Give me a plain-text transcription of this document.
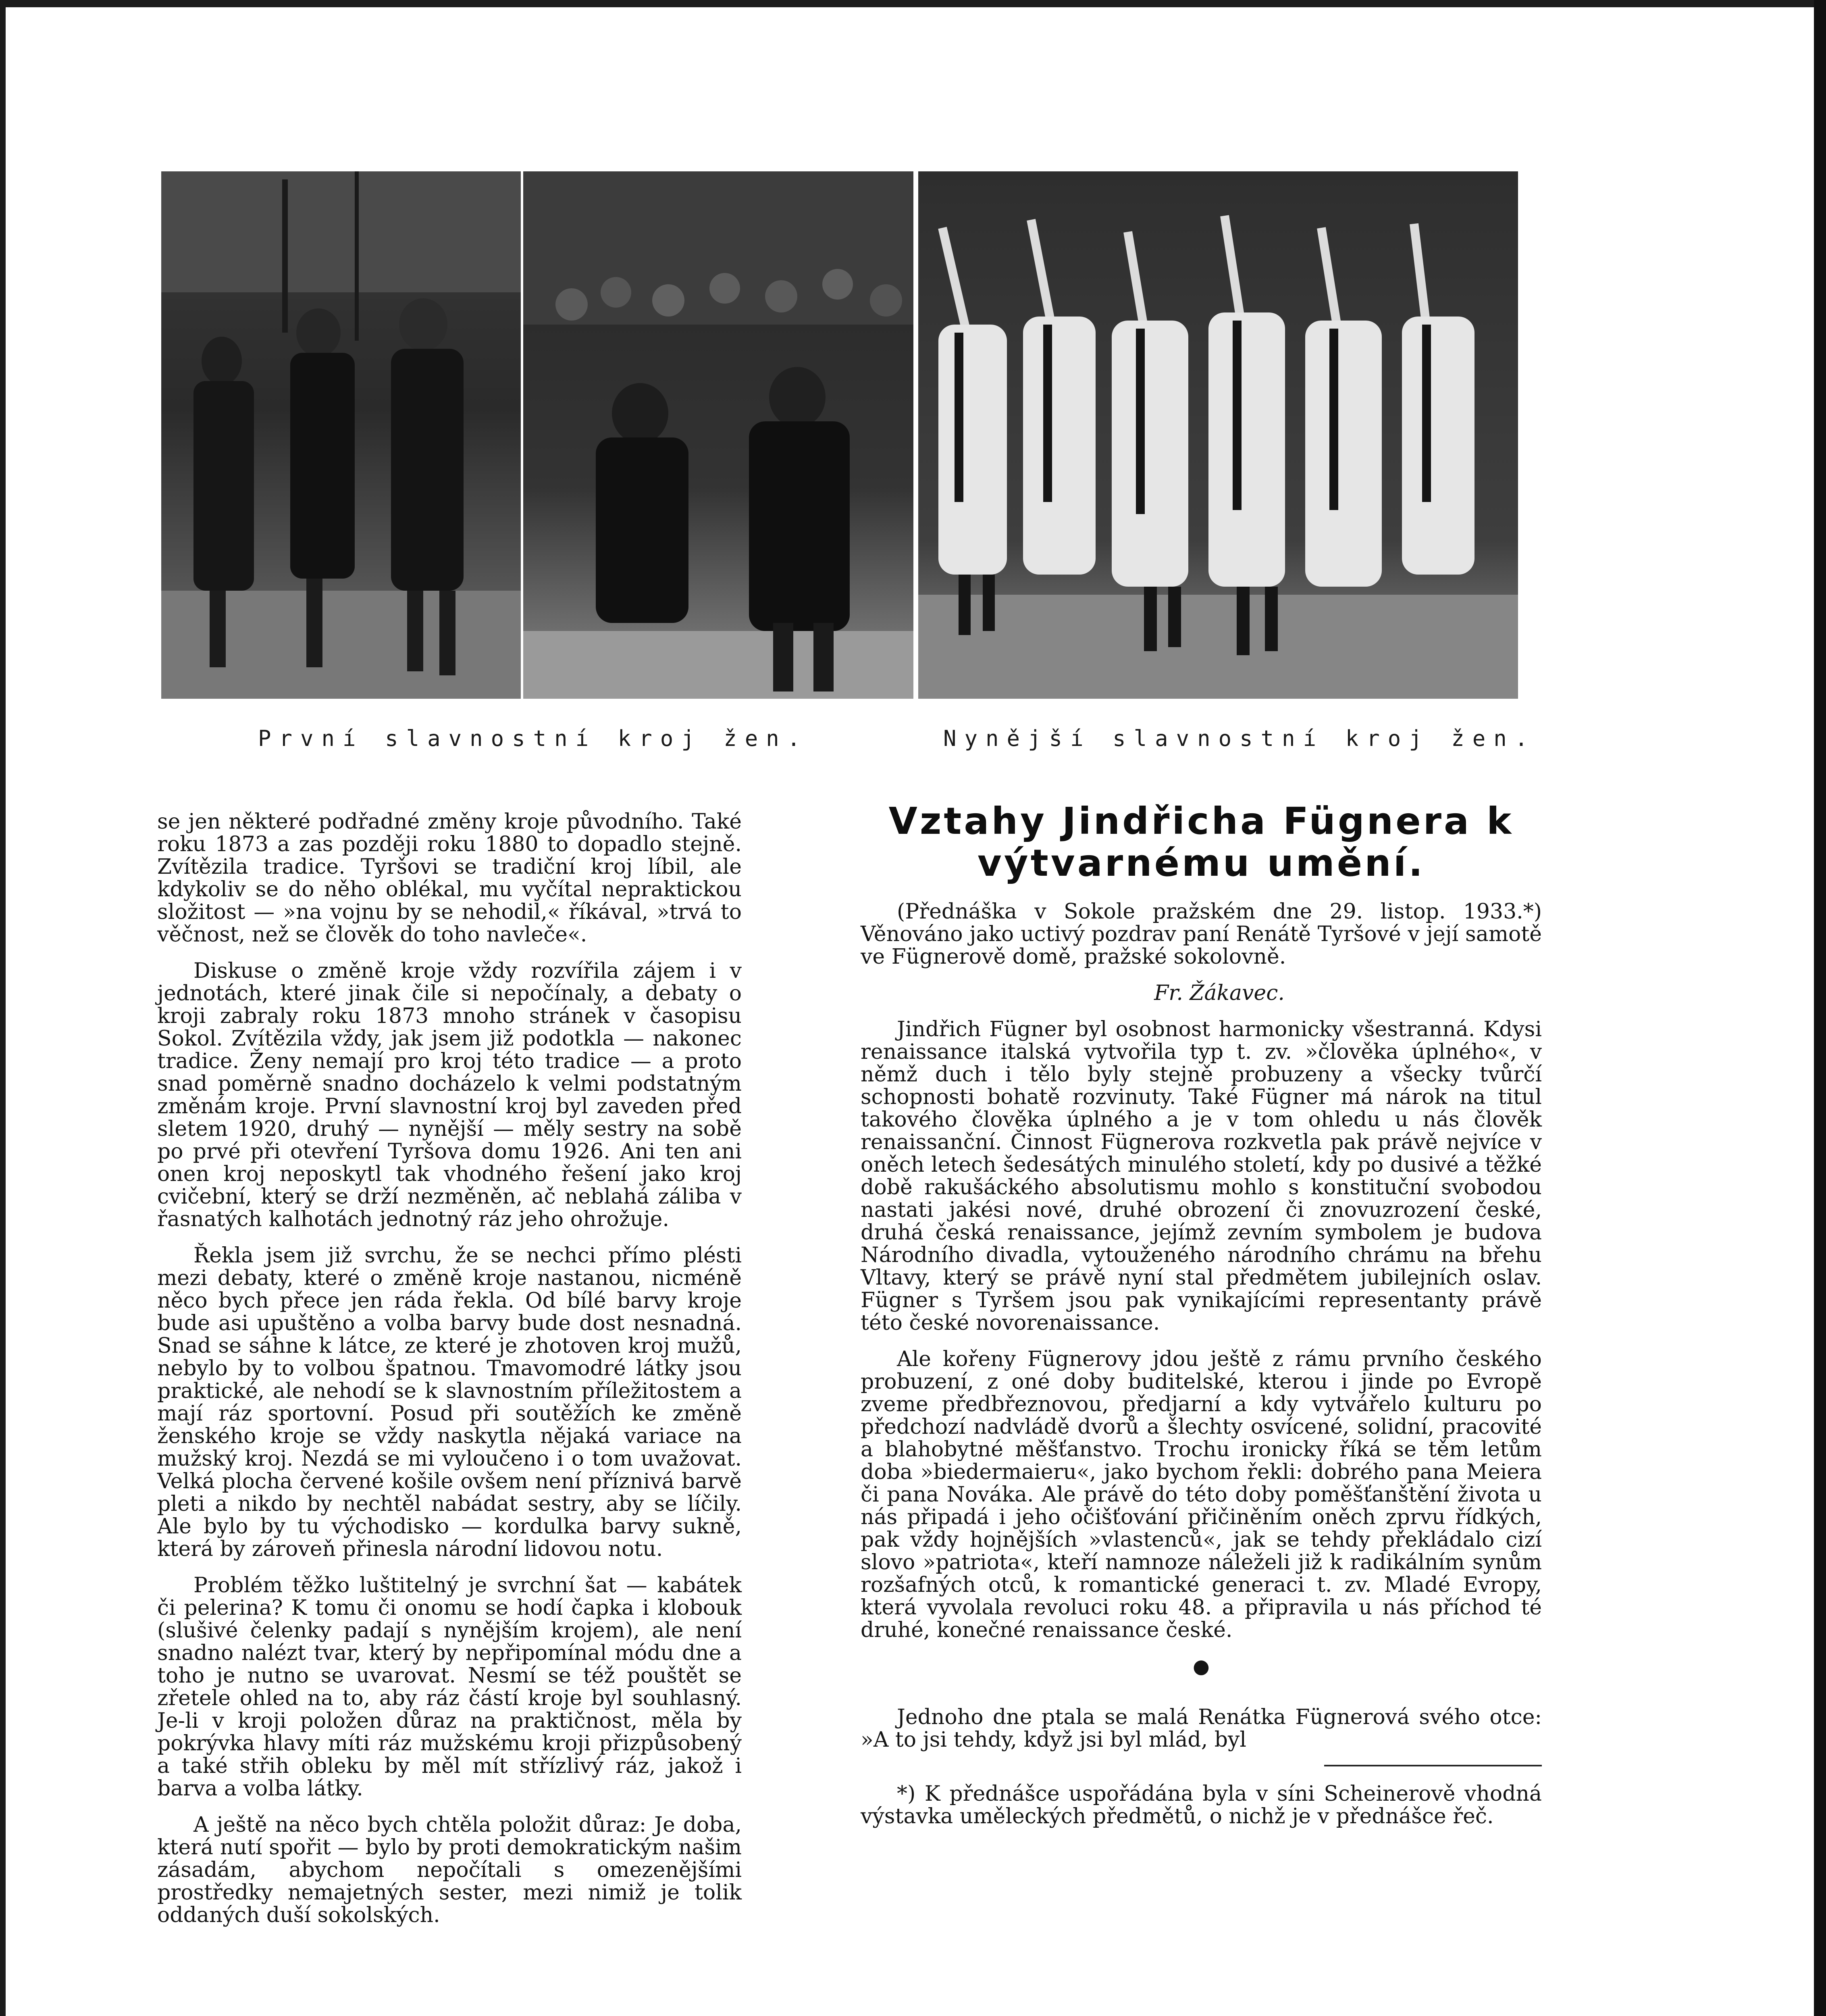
První slavnostní kroj žen.	Nynější slavnostní kroj žen.

se jen některé podřadné změny kroje původního. Také roku 1873 a zas později roku 1880 to dopadlo stejně. Zvítězila tradice. Tyršovi se tradiční kroj líbil, ale kdykoliv se do něho oblékal, mu vyčítal nepraktickou složitost — »na vojnu by se nehodil,« říkával, »trvá to věčnost, než se člověk do toho navleče«.

Diskuse o změně kroje vždy rozvířila zájem i v jednotách, které jinak čile si nepočínaly, a debaty o kroji zabraly roku 1873 mnoho stránek v časopisu Sokol. Zvítězila vždy, jak jsem již podotkla — nakonec tradice. Ženy nemají pro kroj této tradice — a proto snad poměrně snadno docházelo k velmi podstatným změnám kroje. První slavnostní kroj byl zaveden před sletem 1920, druhý — nynější — měly sestry na sobě po prvé při otevření Tyršova domu 1926. Ani ten ani onen kroj neposkytl tak vhodného řešení jako kroj cvičební, který se drží nezměněn, ač neblahá záliba v řasnatých kalhotách jednotný ráz jeho ohrožuje.

Řekla jsem již svrchu, že se nechci přímo plésti mezi debaty, které o změně kroje nastanou, nicméně něco bych přece jen ráda řekla. Od bílé barvy kroje bude asi upuštěno a volba barvy bude dost nesnadná. Snad se sáhne k látce, ze které je zhotoven kroj mužů, nebylo by to volbou špatnou. Tmavomodré látky jsou praktické, ale nehodí se k slavnostním příležitostem a mají ráz sportovní. Posud při soutěžích ke změně ženského kroje se vždy naskytla nějaká variace na mužský kroj. Nezdá se mi vyloučeno i o tom uvažovat. Velká plocha červené košile ovšem není příznivá barvě pleti a nikdo by nechtěl nabádat sestry, aby se líčily. Ale bylo by tu východisko — kordulka barvy sukně, která by zároveň přinesla národní lidovou notu.

Problém těžko luštitelný je svrchní šat — kabátek či pelerina? K tomu či onomu se hodí čapka i klobouk (slušivé čelenky padají s nynějším krojem), ale není snadno nalézt tvar, který by nepřipomínal módu dne a toho je nutno se uvarovat. Nesmí se též pouštět se zřetele ohled na to, aby ráz částí kroje byl souhlasný. Je-li v kroji položen důraz na praktičnost, měla by pokrývka hlavy míti ráz mužskému kroji přizpůsobený a také střih obleku by měl mít střízlivý ráz, jakož i barva a volba látky.

A ještě na něco bych chtěla položit důraz: Je doba, která nutí spořit — bylo by proti demokratickým našim zásadám, abychom nepočítali s omezenějšími prostředky nemajetných sester, mezi nimiž je tolik oddaných duší sokolských.

Vztahy Jindřicha Fügnera k výtvarnému umění.

(Přednáška v Sokole pražském dne 29. listop. 1933.*) Věnováno jako uctivý pozdrav paní Renátě Tyršové v její samotě ve Fügnerově domě, pražské sokolovně.

Fr. Žákavec.

Jindřich Fügner byl osobnost harmonicky všestranná. Kdysi renaissance italská vytvořila typ t. zv. »člověka úplného«, v němž duch i tělo byly stejně probuzeny a všecky tvůrčí schopnosti bohatě rozvinuty. Také Fügner má nárok na titul takového člověka úplného a je v tom ohledu u nás člověk renaissanční. Činnost Fügnerova rozkvetla pak právě nejvíce v oněch letech šedesátých minulého století, kdy po dusivé a těžké době rakušáckého absolutismu mohlo s konstituční svobodou nastati jakési nové, druhé obrození či znovuzrození české, druhá česká renaissance, jejímž zevním symbolem je budova Národního divadla, vytouženého národního chrámu na břehu Vltavy, který se právě nyní stal předmětem jubilejních oslav. Fügner s Tyršem jsou pak vynikajícími representanty právě této české novorenaissance.

Ale kořeny Fügnerovy jdou ještě z rámu prvního českého probuzení, z oné doby buditelské, kterou i jinde po Evropě zveme předbřeznovou, předjarní a kdy vytvářelo kulturu po předchozí nadvládě dvorů a šlechty osvícené, solidní, pracovité a blahobytné měšťanstvo. Trochu ironicky říká se těm letům doba »biedermaieru«, jako bychom řekli: dobrého pana Meiera či pana Nováka. Ale právě do této doby poměšťanštění života u nás připadá i jeho očišťování přičiněním oněch zprvu řídkých, pak vždy hojnějších »vlastenců«, jak se tehdy překládalo cizí slovo »patriota«, kteří namnoze náleželi již k radikálním synům rozšafných otců, k romantické generaci t. zv. Mladé Evropy, která vyvolala revoluci roku 48. a připravila u nás příchod té druhé, konečné renaissance české.

●

Jednoho dne ptala se malá Renátka Fügnerová svého otce: »A to jsi tehdy, když jsi byl mlád, byl

*) K přednášce uspořádána byla v síni Scheinerově vhodná výstavka uměleckých předmětů, o nichž je v přednášce řeč.
